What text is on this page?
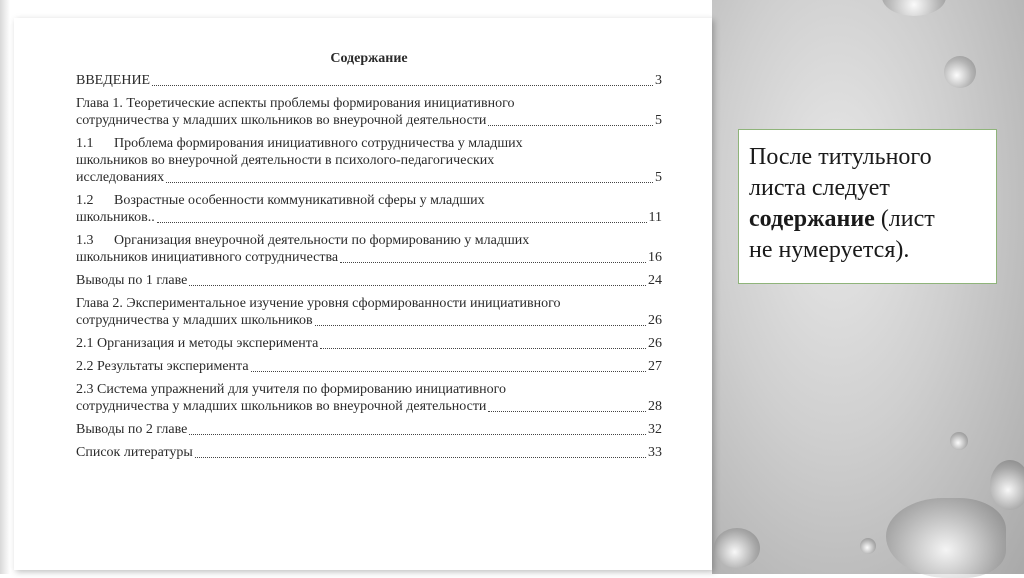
Содержание
ВВЕДЕНИЕ	3
Глава 1. Теоретические аспекты проблемы формирования инициативного
сотрудничества у младших школьников во внеурочной деятельности	5
1.1 Проблема формирования инициативного сотрудничества у младших
школьников во внеурочной деятельности в психолого-педагогических
исследованиях	5
1.2 Возрастные особенности коммуникативной сферы у младших
школьников..	11
1.3 Организация внеурочной деятельности по формированию у младших
школьников инициативного сотрудничества	16
Выводы по 1 главе	24
Глава 2. Экспериментальное изучение уровня сформированности инициативного
сотрудничества у младших школьников	26
2.1 Организация и методы эксперимента	26
2.2 Результаты эксперимента	27
2.3 Система упражнений для учителя по формированию инициативного
сотрудничества у младших школьников во внеурочной деятельности	28
Выводы по 2 главе	32
Список литературы	33
После титульного
листа следует
содержание (лист
не нумеруется).
